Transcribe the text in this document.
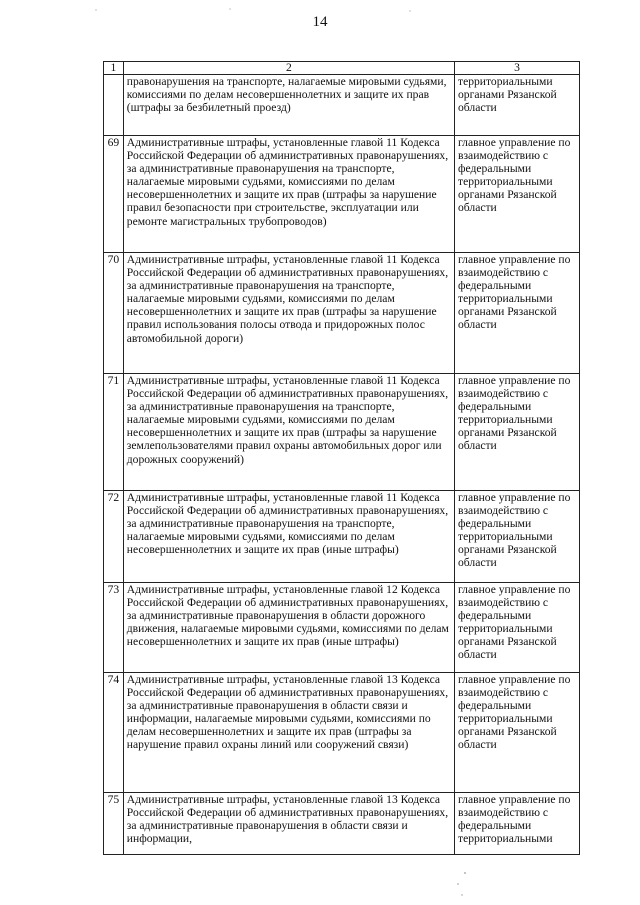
14
1	2	3
	правонарушения на транспорте, налагаемые мировыми судьями, комиссиями по делам несовершеннолетних и защите их прав (штрафы за безбилетный проезд)	территориальными органами Рязанской области
69	Административные штрафы, установленные главой 11 Кодекса Российской Федерации об административных правонарушениях, за административные правонарушения на транспорте, налагаемые мировыми судьями, комиссиями по делам несовершеннолетних и защите их прав (штрафы за нарушение правил безопасности при строительстве, эксплуатации или ремонте магистральных трубопроводов)	главное управление по взаимодействию с федеральными территориальными органами Рязанской области
70	Административные штрафы, установленные главой 11 Кодекса Российской Федерации об административных правонарушениях, за административные правонарушения на транспорте, налагаемые мировыми судьями, комиссиями по делам несовершеннолетних и защите их прав (штрафы за нарушение правил использования полосы отвода и придорожных полос автомобильной дороги)	главное управление по взаимодействию с федеральными территориальными органами Рязанской области
71	Административные штрафы, установленные главой 11 Кодекса Российской Федерации об административных правонарушениях, за административные правонарушения на транспорте, налагаемые мировыми судьями, комиссиями по делам несовершеннолетних и защите их прав (штрафы за нарушение землепользователями правил охраны автомобильных дорог или дорожных сооружений)	главное управление по взаимодействию с федеральными территориальными органами Рязанской области
72	Административные штрафы, установленные главой 11 Кодекса Российской Федерации об административных правонарушениях, за административные правонарушения на транспорте, налагаемые мировыми судьями, комиссиями по делам несовершеннолетних и защите их прав (иные штрафы)	главное управление по взаимодействию с федеральными территориальными органами Рязанской области
73	Административные штрафы, установленные главой 12 Кодекса Российской Федерации об административных правонарушениях, за административные правонарушения в области дорожного движения, налагаемые мировыми судьями, комиссиями по делам несовершеннолетних и защите их прав (иные штрафы)	главное управление по взаимодействию с федеральными территориальными органами Рязанской области
74	Административные штрафы, установленные главой 13 Кодекса Российской Федерации об административных правонарушениях, за административные правонарушения в области связи и информации, налагаемые мировыми судьями, комиссиями по делам несовершеннолетних и защите их прав (штрафы за нарушение правил охраны линий или сооружений связи)	главное управление по взаимодействию с федеральными территориальными органами Рязанской области
75	Административные штрафы, установленные главой 13 Кодекса Российской Федерации об административных правонарушениях, за административные правонарушения в области связи и информации,	главное управление по взаимодействию с федеральными территориальными
